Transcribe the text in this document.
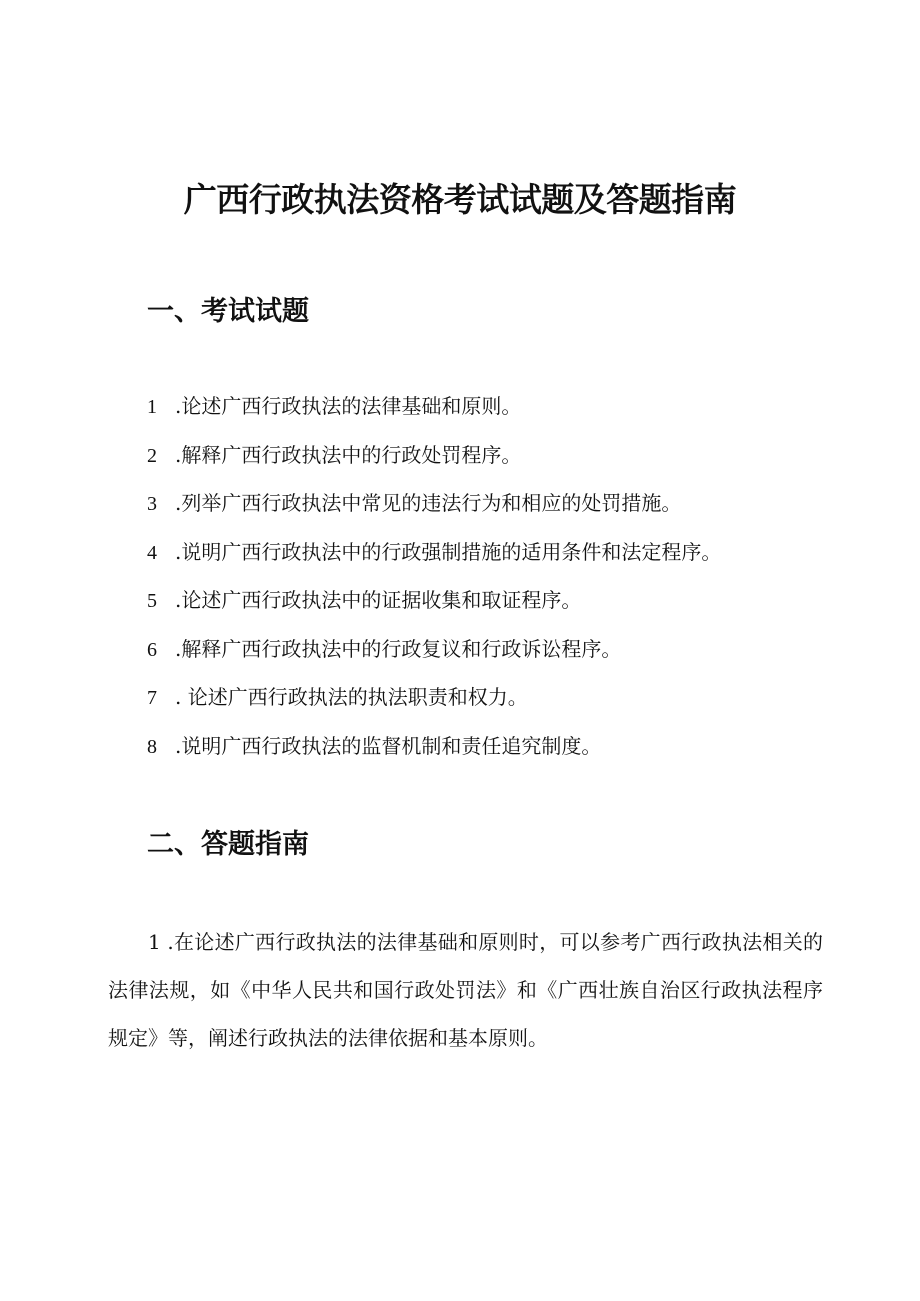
广西行政执法资格考试试题及答题指南
一、考试试题
1 .论述广西行政执法的法律基础和原则。
2 .解释广西行政执法中的行政处罚程序。
3 .列举广西行政执法中常见的违法行为和相应的处罚措施。
4 .说明广西行政执法中的行政强制措施的适用条件和法定程序。
5 .论述广西行政执法中的证据收集和取证程序。
6 .解释广西行政执法中的行政复议和行政诉讼程序。
7 . 论述广西行政执法的执法职责和权力。
8 .说明广西行政执法的监督机制和责任追究制度。
二、答题指南

1 .在论述广西行政执法的法律基础和原则时，可以参考广西行政执法相关的法律法规，如《中华人民共和国行政处罚法》和《广西壮族自治区行政执法程序规定》等，阐述行政执法的法律依据和基本原则。
